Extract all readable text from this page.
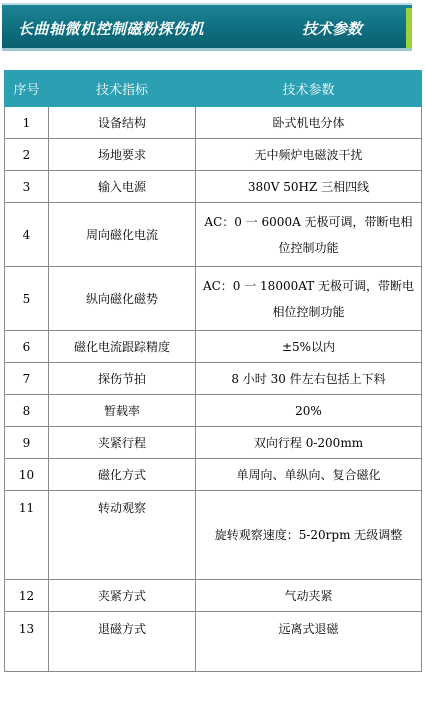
长曲轴微机控制磁粉探伤机	技术参数
序号	技术指标	技术参数
1	设备结构	卧式机电分体
2	场地要求	无中频炉电磁波干扰
3	输入电源	380V 50HZ 三相四线
4	周向磁化电流	AC：0 一 6000A 无极可调，带断电相位控制功能
5	纵向磁化磁势	AC：0 一 18000AT 无极可调，带断电相位控制功能
6	磁化电流跟踪精度	±5%以内
7	探伤节拍	8 小时 30 件左右包括上下料
8	暂载率	20%
9	夹紧行程	双向行程 0-200mm
10	磁化方式	单周向、单纵向、复合磁化
11	转动观察	旋转观察速度：5-20rpm 无级调整
12	夹紧方式	气动夹紧
13	退磁方式	远离式退磁
